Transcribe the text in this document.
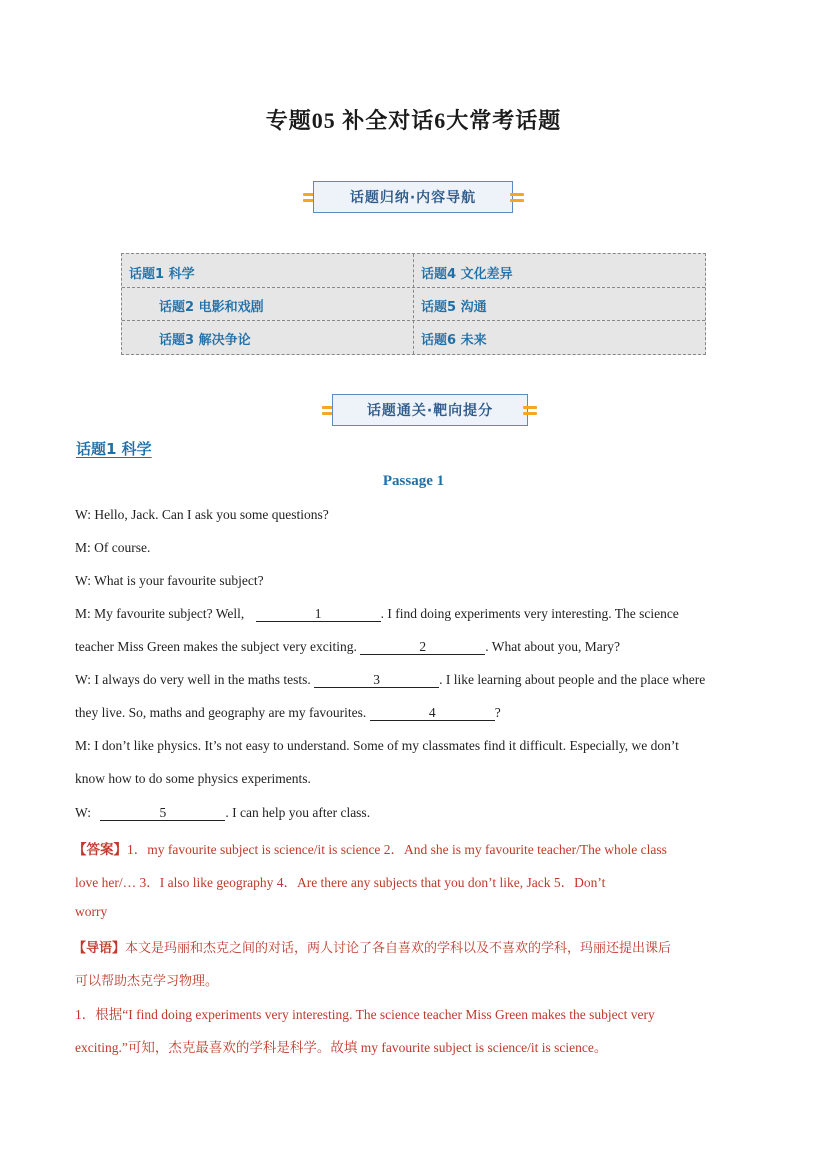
专题05 补全对话6大常考话题
话题归纳·内容导航
话题1 科学	话题4 文化差异
话题2 电影和戏剧	话题5 沟通
话题3 解决争论	话题6 未来
话题通关·靶向提分
话题1 科学
Passage 1
W: Hello, Jack. Can I ask you some questions?
M: Of course.
W: What is your favourite subject?
M: My favourite subject? Well,	1	. I find doing experiments very interesting. The science
teacher Miss Green makes the subject very exciting.	2	. What about you, Mary?
W: I always do very well in the maths tests.	3	. I like learning about people and the place where
they live. So, maths and geography are my favourites.	4	?
M: I don’t like physics. It’s not easy to understand. Some of my classmates find it difficult. Especially, we don’t
know how to do some physics experiments.
W:	5	. I can help you after class.
【答案】1．my favourite subject is science/it is science 2．And she is my favourite teacher/The whole class
love her/… 3．I also like geography 4．Are there any subjects that you don’t like, Jack 5．Don’t
worry
【导语】本文是玛丽和杰克之间的对话，两人讨论了各自喜欢的学科以及不喜欢的学科，玛丽还提出课后
可以帮助杰克学习物理。
1．根据“I find doing experiments very interesting. The science teacher Miss Green makes the subject very
exciting.”可知，杰克最喜欢的学科是科学。故填 my favourite subject is science/it is science。
